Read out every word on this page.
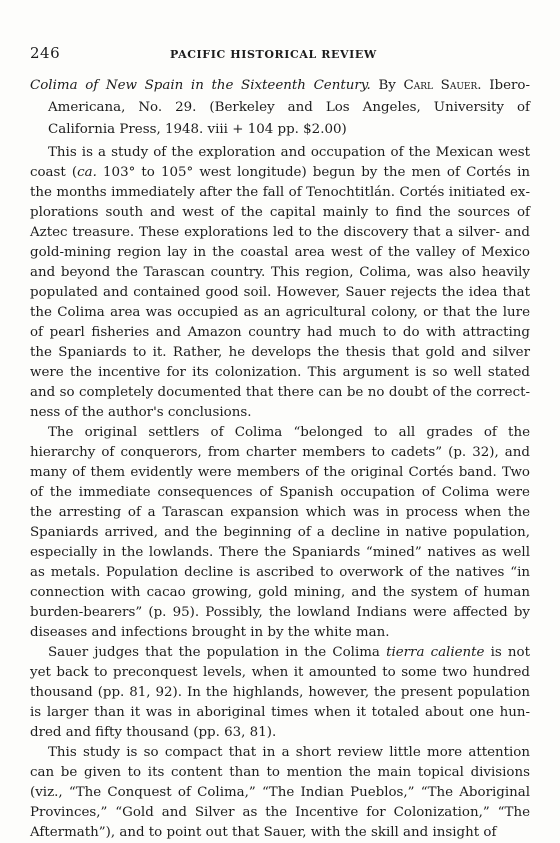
246	PACIFIC HISTORICAL REVIEW

Colima of New Spain in the Sixteenth Century. By Carl Sauer. Ibero-Americana, No. 29. (Berkeley and Los Angeles, University of California Press, 1948. viii + 104 pp. $2.00)

This is a study of the exploration and occupation of the Mexican west coast (ca. 103° to 105° west longitude) begun by the men of Cortés in the months immediately after the fall of Tenochtitlán. Cortés initiated explorations south and west of the capital mainly to find the sources of Aztec treasure. These explorations led to the discovery that a silver- and gold-mining region lay in the coastal area west of the valley of Mexico and beyond the Tarascan country. This region, Colima, was also heavily populated and contained good soil. However, Sauer rejects the idea that the Colima area was occupied as an agricultural colony, or that the lure of pearl fisheries and Amazon country had much to do with attracting the Spaniards to it. Rather, he develops the thesis that gold and silver were the incentive for its colonization. This argument is so well stated and so completely documented that there can be no doubt of the correctness of the author's conclusions.

The original settlers of Colima “belonged to all grades of the hierarchy of conquerors, from charter members to cadets” (p. 32), and many of them evidently were members of the original Cortés band. Two of the immediate consequences of Spanish occupation of Colima were the arresting of a Tarascan expansion which was in process when the Spaniards arrived, and the beginning of a decline in native population, especially in the lowlands. There the Spaniards “mined” natives as well as metals. Population decline is ascribed to overwork of the natives “in connection with cacao growing, gold mining, and the system of human burden-bearers” (p. 95). Possibly, the lowland Indians were affected by diseases and infections brought in by the white man.

Sauer judges that the population in the Colima tierra caliente is not yet back to preconquest levels, when it amounted to some two hundred thousand (pp. 81, 92). In the highlands, however, the present population is larger than it was in aboriginal times when it totaled about one hundred and fifty thousand (pp. 63, 81).

This study is so compact that in a short review little more attention can be given to its content than to mention the main topical divisions (viz., “The Conquest of Colima,” “The Indian Pueblos,” “The Aboriginal Provinces,” “Gold and Silver as the Incentive for Colonization,” “The Aftermath”), and to point out that Sauer, with the skill and insight of
